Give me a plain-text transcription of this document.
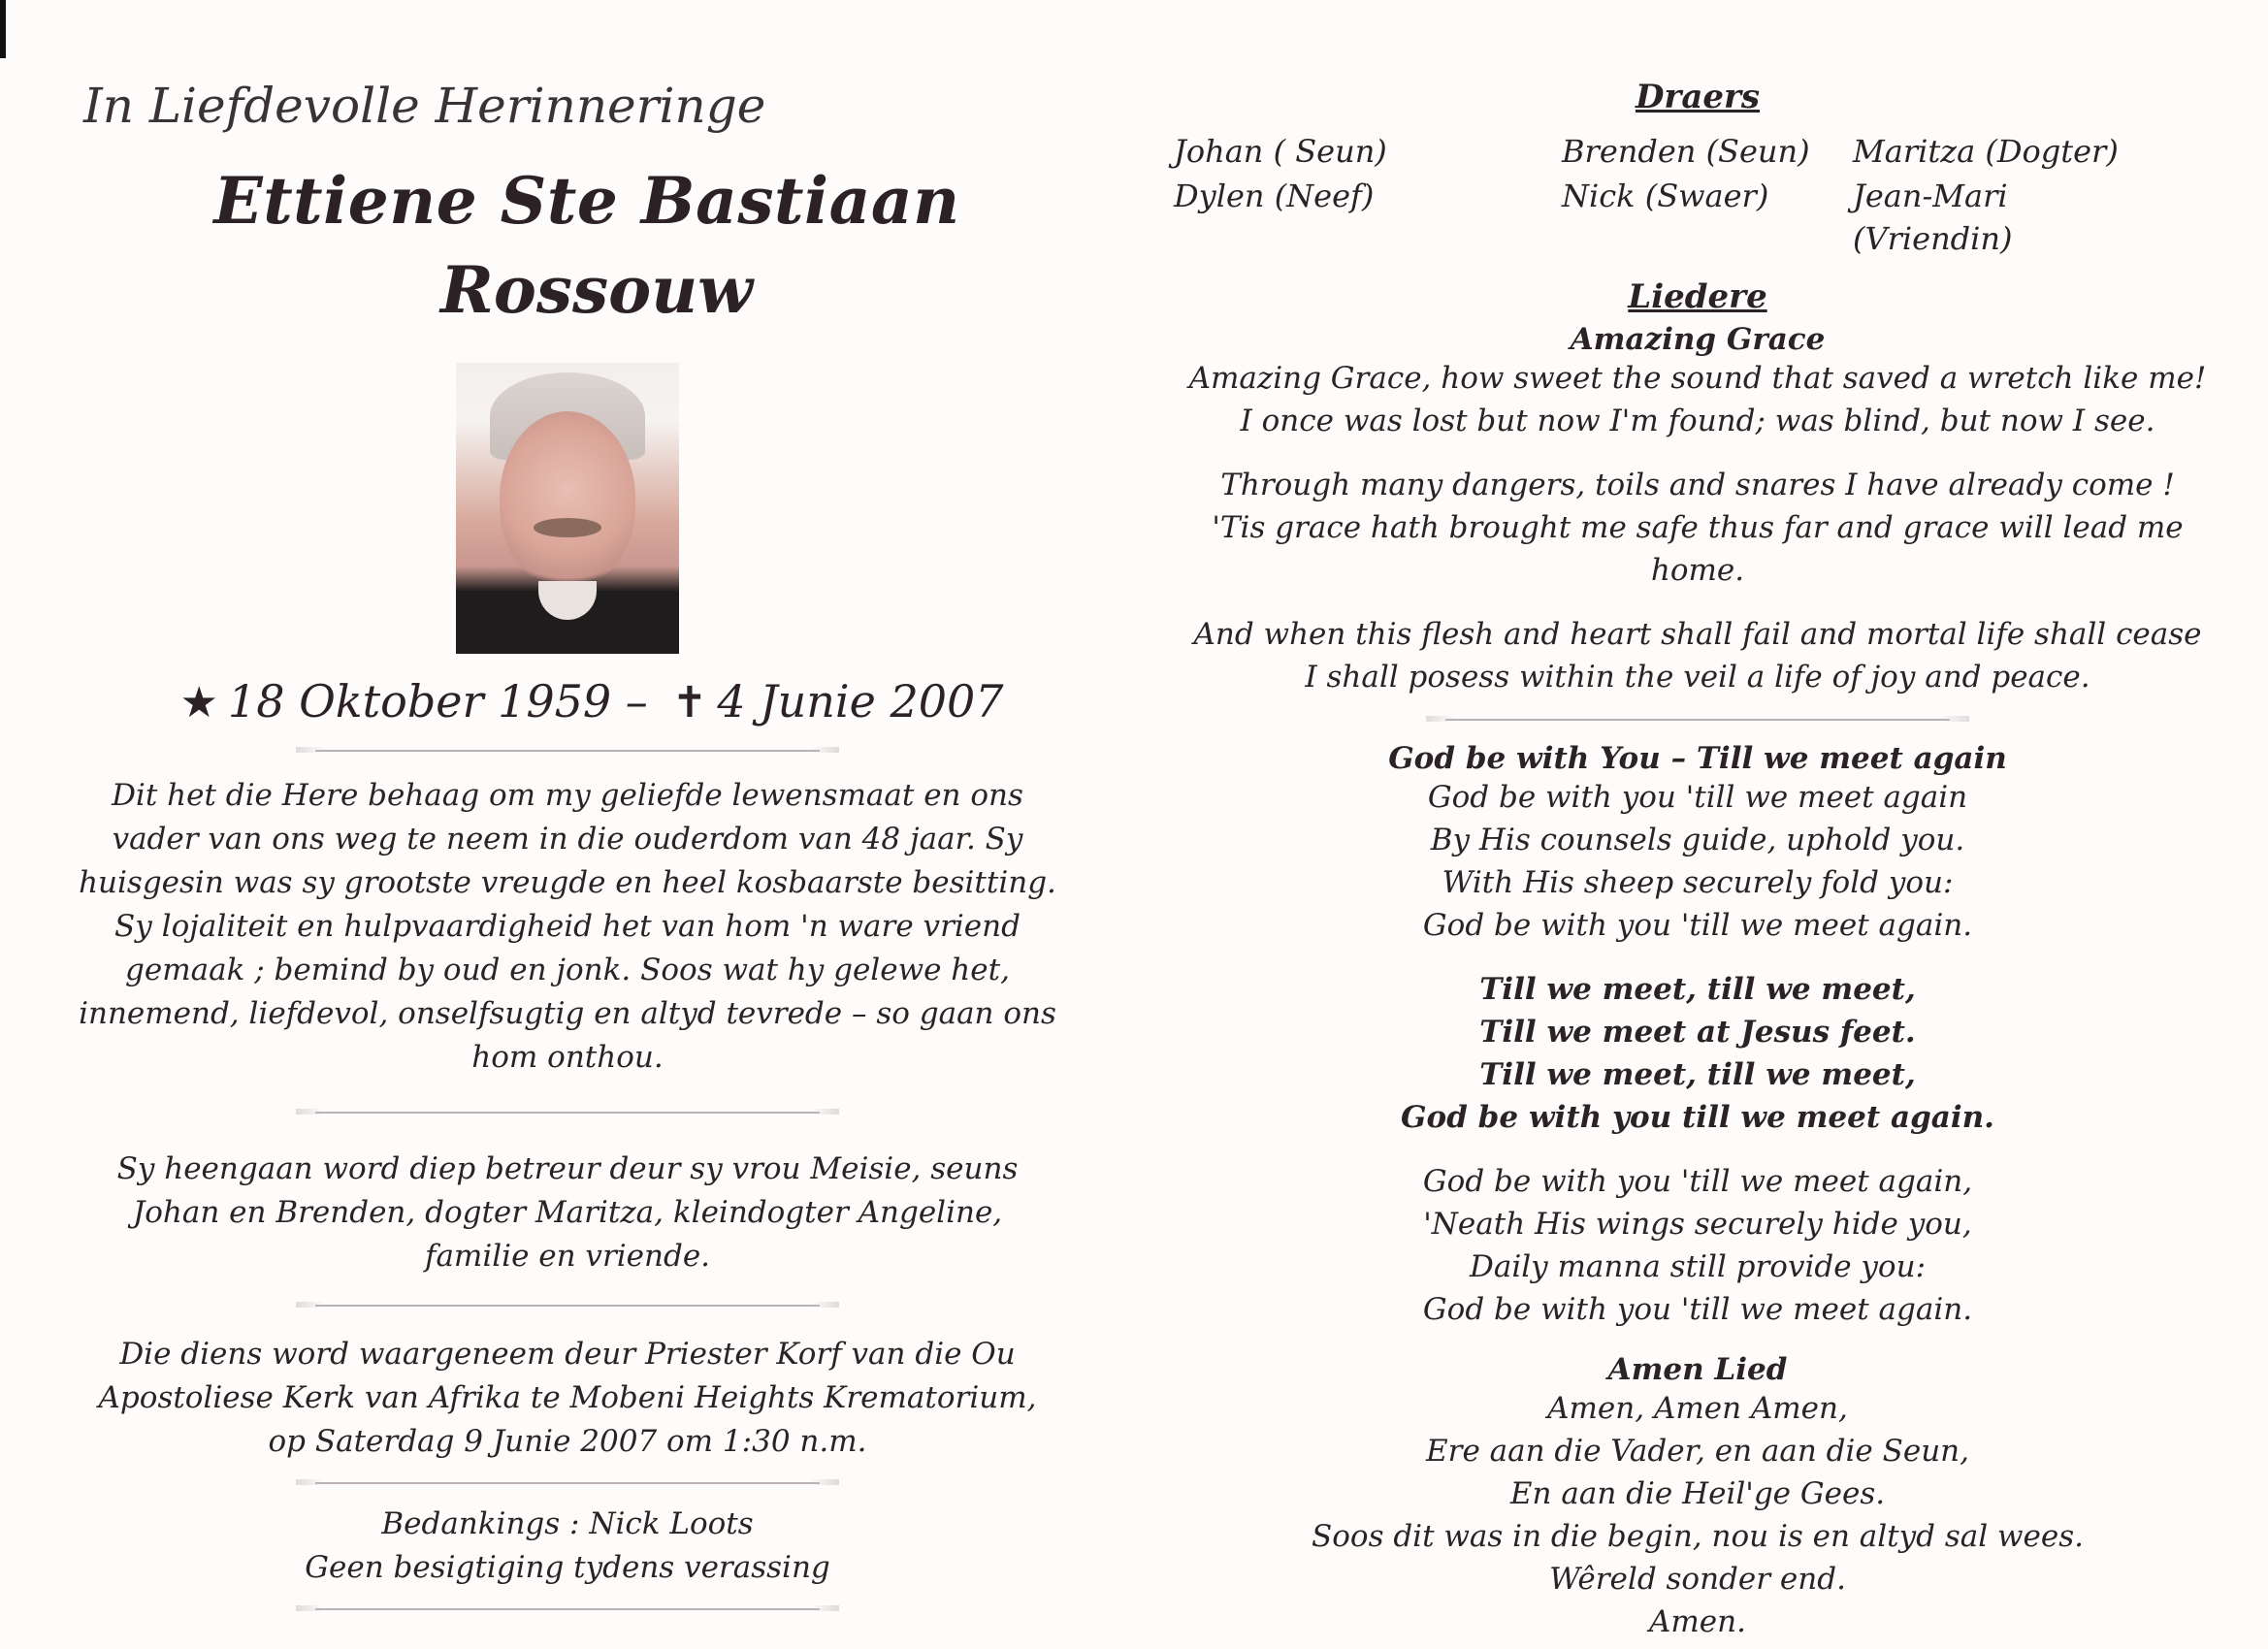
In Liefdevolle Herinneringe
Ettiene Ste Bastiaan
Rossouw
★ 18 Oktober 1959 – ✝ 4 Junie 2007
Dit het die Here behaag om my geliefde lewensmaat en ons vader van ons weg te neem in die ouderdom van 48 jaar. Sy huisgesin was sy grootste vreugde en heel kosbaarste besitting. Sy lojaliteit en hulpvaardigheid het van hom 'n ware vriend gemaak ; bemind by oud en jonk. Soos wat hy gelewe het, innemend, liefdevol, onselfsugtig en altyd tevrede – so gaan ons hom onthou.
Sy heengaan word diep betreur deur sy vrou Meisie, seuns Johan en Brenden, dogter Maritza, kleindogter Angeline, familie en vriende.
Die diens word waargeneem deur Priester Korf van die Ou Apostoliese Kerk van Afrika te Mobeni Heights Krematorium, op Saterdag 9 Junie 2007 om 1:30 n.m.
Bedankings : Nick Loots
Geen besigtiging tydens verassing
Draers
Johan ( Seun)	Brenden (Seun)	Maritza (Dogter)
Dylen (Neef)	Nick (Swaer)	Jean-Mari (Vriendin)
Liedere
Amazing Grace
Amazing Grace, how sweet the sound that saved a wretch like me!
I once was lost but now I'm found; was blind, but now I see.
Through many dangers, toils and snares I have already come !
'Tis grace hath brought me safe thus far and grace will lead me home.
And when this flesh and heart shall fail and mortal life shall cease
I shall posess within the veil a life of joy and peace.
God be with You – Till we meet again
God be with you 'till we meet again
By His counsels guide, uphold you.
With His sheep securely fold you:
God be with you 'till we meet again.
Till we meet, till we meet,
Till we meet at Jesus feet.
Till we meet, till we meet,
God be with you till we meet again.
God be with you 'till we meet again,
'Neath His wings securely hide you,
Daily manna still provide you:
God be with you 'till we meet again.
Amen Lied
Amen, Amen Amen,
Ere aan die Vader, en aan die Seun,
En aan die Heil'ge Gees.
Soos dit was in die begin, nou is en altyd sal wees.
Wêreld sonder end.
Amen.
